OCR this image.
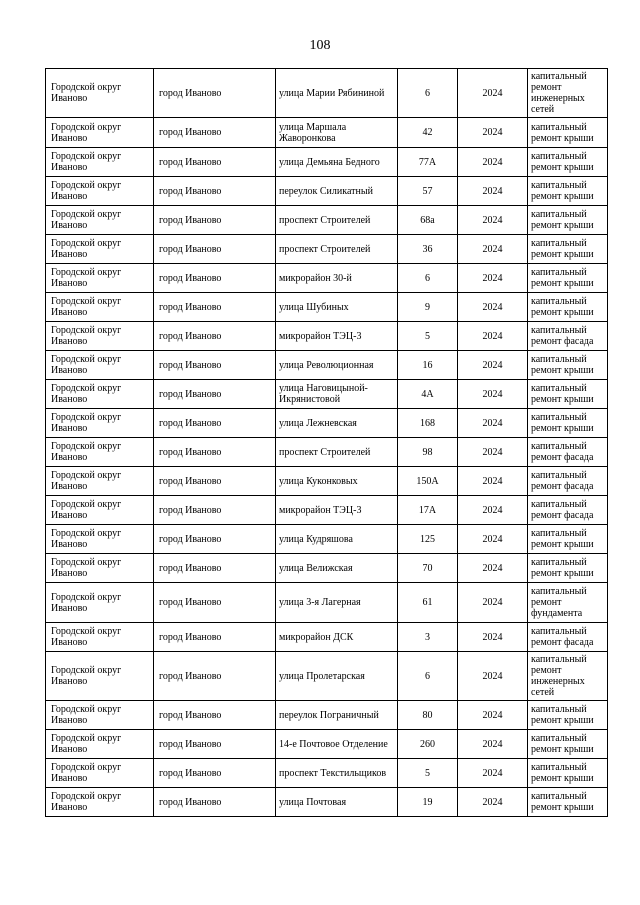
108
Городской округ Иваново	город Иваново	улица Марии Рябининой	6	2024	капитальный ремонт инженерных сетей
Городской округ Иваново	город Иваново	улица Маршала Жаворонкова	42	2024	капитальный ремонт крыши
Городской округ Иваново	город Иваново	улица Демьяна Бедного	77А	2024	капитальный ремонт крыши
Городской округ Иваново	город Иваново	переулок Силикатный	57	2024	капитальный ремонт крыши
Городской округ Иваново	город Иваново	проспект Строителей	68а	2024	капитальный ремонт крыши
Городской округ Иваново	город Иваново	проспект Строителей	36	2024	капитальный ремонт крыши
Городской округ Иваново	город Иваново	микрорайон 30-й	6	2024	капитальный ремонт крыши
Городской округ Иваново	город Иваново	улица Шубиных	9	2024	капитальный ремонт крыши
Городской округ Иваново	город Иваново	микрорайон ТЭЦ-3	5	2024	капитальный ремонт фасада
Городской округ Иваново	город Иваново	улица Революционная	16	2024	капитальный ремонт крыши
Городской округ Иваново	город Иваново	улица Наговицыной-Икрянистовой	4А	2024	капитальный ремонт крыши
Городской округ Иваново	город Иваново	улица Лежневская	168	2024	капитальный ремонт крыши
Городской округ Иваново	город Иваново	проспект Строителей	98	2024	капитальный ремонт фасада
Городской округ Иваново	город Иваново	улица Куконковых	150А	2024	капитальный ремонт фасада
Городской округ Иваново	город Иваново	микрорайон ТЭЦ-3	17А	2024	капитальный ремонт фасада
Городской округ Иваново	город Иваново	улица Кудряшова	125	2024	капитальный ремонт крыши
Городской округ Иваново	город Иваново	улица Велижская	70	2024	капитальный ремонт крыши
Городской округ Иваново	город Иваново	улица 3-я Лагерная	61	2024	капитальный ремонт фундамента
Городской округ Иваново	город Иваново	микрорайон ДСК	3	2024	капитальный ремонт фасада
Городской округ Иваново	город Иваново	улица Пролетарская	6	2024	капитальный ремонт инженерных сетей
Городской округ Иваново	город Иваново	переулок Пограничный	80	2024	капитальный ремонт крыши
Городской округ Иваново	город Иваново	14-е Почтовое Отделение	260	2024	капитальный ремонт крыши
Городской округ Иваново	город Иваново	проспект Текстильщиков	5	2024	капитальный ремонт крыши
Городской округ Иваново	город Иваново	улица Почтовая	19	2024	капитальный ремонт крыши
